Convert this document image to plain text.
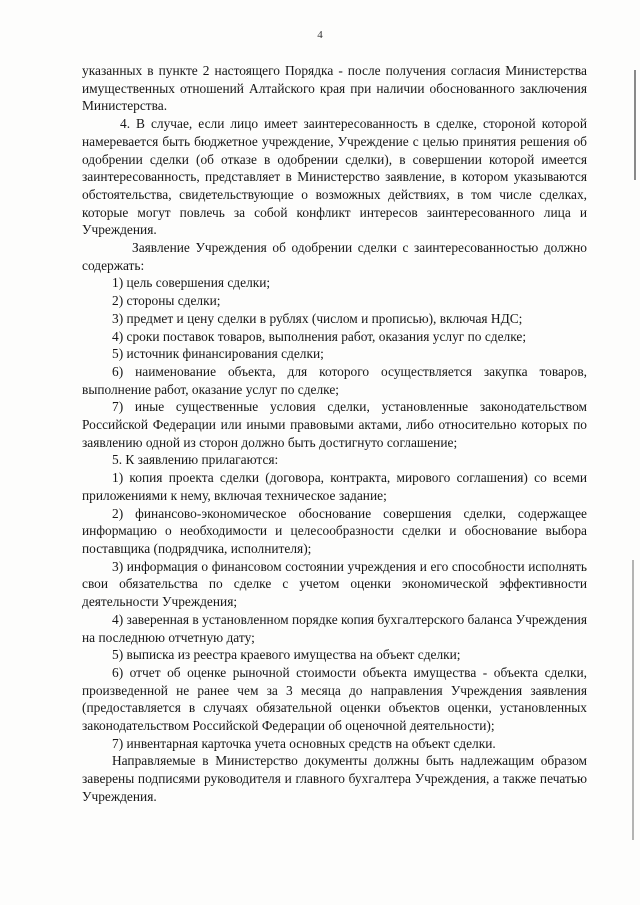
4

указанных в пункте 2 настоящего Порядка - после получения согласия Министерства имущественных отношений Алтайского края при наличии обоснованного заключения Министерства.

4. В случае, если лицо имеет заинтересованность в сделке, стороной которой намеревается быть бюджетное учреждение, Учреждение с целью принятия решения об одобрении сделки (об отказе в одобрении сделки), в совершении которой имеется заинтересованность, представляет в Министерство заявление, в котором указываются обстоятельства, свидетельствующие о возможных действиях, в том числе сделках, которые могут повлечь за собой конфликт интересов заинтересованного лица и Учреждения.

Заявление Учреждения об одобрении сделки с заинтересованностью должно содержать:

1) цель совершения сделки;

2) стороны сделки;

3) предмет и цену сделки в рублях (числом и прописью), включая НДС;

4) сроки поставок товаров, выполнения работ, оказания услуг по сделке;

5) источник финансирования сделки;

6) наименование объекта, для которого осуществляется закупка товаров, выполнение работ, оказание услуг по сделке;

7) иные существенные условия сделки, установленные законодательством Российской Федерации или иными правовыми актами, либо относительно которых по заявлению одной из сторон должно быть достигнуто соглашение;

5. К заявлению прилагаются:

1) копия проекта сделки (договора, контракта, мирового соглашения) со всеми приложениями к нему, включая техническое задание;

2) финансово-экономическое обоснование совершения сделки, содержащее информацию о необходимости и целесообразности сделки и обоснование выбора поставщика (подрядчика, исполнителя);

3) информация о финансовом состоянии учреждения и его способности исполнять свои обязательства по сделке с учетом оценки экономической эффективности деятельности Учреждения;

4) заверенная в установленном порядке копия бухгалтерского баланса Учреждения на последнюю отчетную дату;

5) выписка из реестра краевого имущества на объект сделки;

6) отчет об оценке рыночной стоимости объекта имущества - объекта сделки, произведенной не ранее чем за 3 месяца до направления Учреждения заявления (предоставляется в случаях обязательной оценки объектов оценки, установленных законодательством Российской Федерации об оценочной деятельности);

7) инвентарная карточка учета основных средств на объект сделки.

Направляемые в Министерство документы должны быть надлежащим образом заверены подписями руководителя и главного бухгалтера Учреждения, а также печатью Учреждения.
